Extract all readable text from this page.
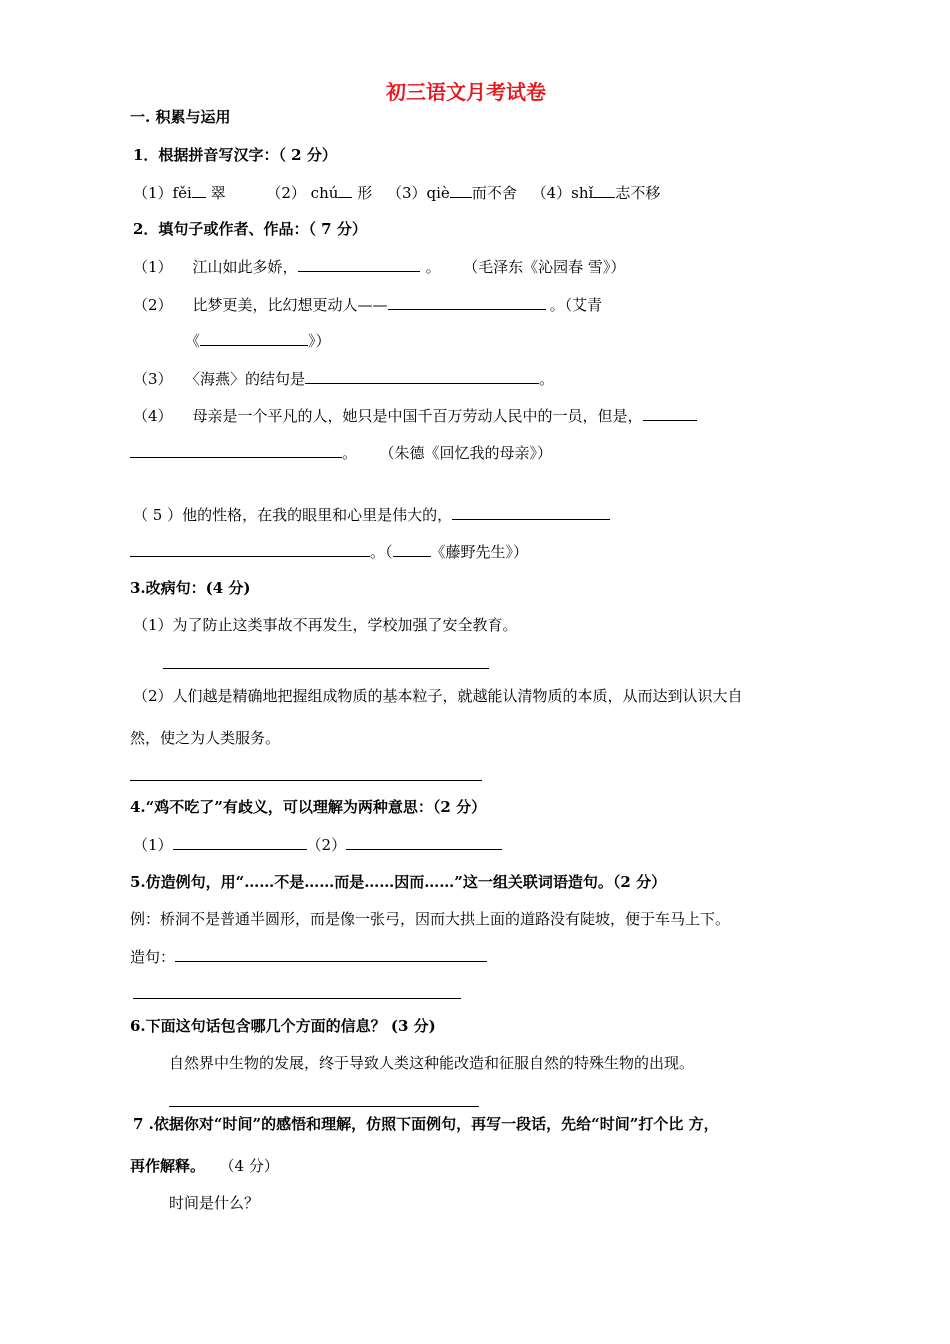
初三语文月考试卷
一. 积累与运用
1．根据拼音写汉字：（ 2 分）
（1）fěi 翠	（2） chú 形 （3）qiè 而不舍 （4）shǐ 志不移
2．填句子或作者、作品：（ 7 分）
（1） 江山如此多娇，	。 （毛泽东《沁园春 雪》）
（2） 比梦更美，比幻想更动人——	。（艾青
《	》）
（3） 〈海燕〉的结句是	。
（4） 母亲是一个平凡的人，她只是中国千百万劳动人民中的一员，但是，
。 （朱德《回忆我的母亲》）
（ 5 ）他的性格，在我的眼里和心里是伟大的，
。（	《藤野先生》）
3.改病句：(4 分)
（1）为了防止这类事故不再发生，学校加强了安全教育。
（2）人们越是精确地把握组成物质的基本粒子，就越能认清物质的本质，从而达到认识大自
然，使之为人类服务。
4.“鸡不吃了”有歧义，可以理解为两种意思：（2 分）
（1）	（2）
5.仿造例句，用“……不是……而是……因而……”这一组关联词语造句。（2 分）
例：桥洞不是普通半圆形，而是像一张弓，因而大拱上面的道路没有陡坡，便于车马上下。
造句：
6.下面这句话包含哪几个方面的信息？ (3 分)
自然界中生物的发展，终于导致人类这种能改造和征服自然的特殊生物的出现。
7 .依据你对“时间”的感悟和理解，仿照下面例句，再写一段话，先给“时间”打个比 方，
再作解释。 （4 分）
时间是什么？
